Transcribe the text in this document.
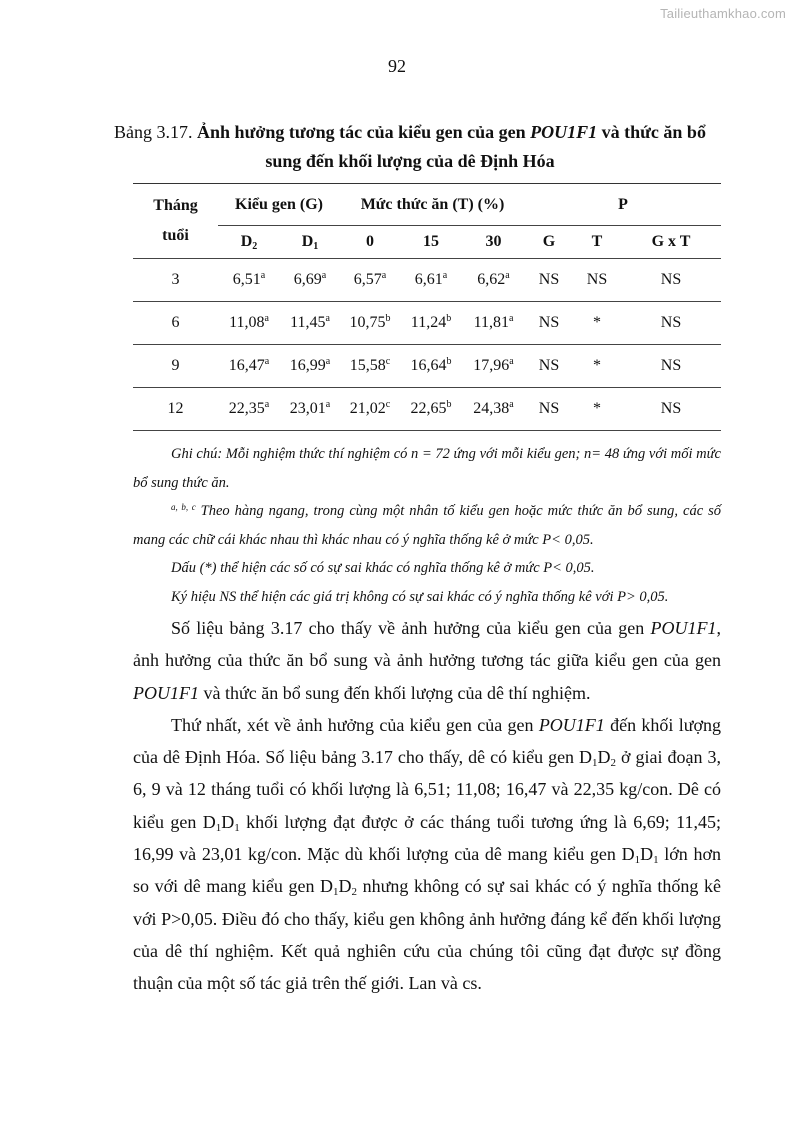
Tailieuthamkhao.com
92
Bảng 3.17. Ảnh hưởng tương tác của kiểu gen của gen POU1F1 và thức ăn bổ sung đến khối lượng của dê Định Hóa
Tháng
tuổi	Kiểu gen (G)		Mức thức ăn (T) (%)			P		
	$D_2$	$D_1$	0	15	30	G	T	G x T
3	6,51$^a$	6,69$^a$	6,57$^a$	6,61$^a$	6,62$^a$	NS	NS	NS
6	11,08$^a$	11,45$^a$	10,75$^b$	11,24$^b$	11,81$^a$	NS	*	NS
9	16,47$^a$	16,99$^a$	15,58$^c$	16,64$^b$	17,96$^a$	NS	*	NS
12	22,35$^a$	23,01$^a$	21,02$^c$	22,65$^b$	24,38$^a$	NS	*	NS

Ghi chú: Mỗi nghiệm thức thí nghiệm có n = 72 ứng với mỗi kiểu gen; n= 48 ứng với mối mức bổ sung thức ăn.

$^{a, b, c}$ Theo hàng ngang, trong cùng một nhân tố kiểu gen hoặc mức thức ăn bổ sung, các số mang các chữ cái khác nhau thì khác nhau có ý nghĩa thống kê ở mức P< 0,05.

Dấu (*) thể hiện các số có sự sai khác có nghĩa thống kê ở mức P< 0,05.

Ký hiệu NS thể hiện các giá trị không có sự sai khác có ý nghĩa thống kê với P> 0,05.

Số liệu bảng 3.17 cho thấy về ảnh hưởng của kiểu gen của gen POU1F1, ảnh hưởng của thức ăn bổ sung và ảnh hưởng tương tác giữa kiểu gen của gen POU1F1 và thức ăn bổ sung đến khối lượng của dê thí nghiệm.

Thứ nhất, xét về ảnh hưởng của kiểu gen của gen POU1F1 đến khối lượng của dê Định Hóa. Số liệu bảng 3.17 cho thấy, dê có kiểu gen $D_1D_2$ ở giai đoạn 3, 6, 9 và 12 tháng tuổi có khối lượng là 6,51; 11,08; 16,47 và 22,35 kg/con. Dê có kiểu gen $D_1D_1$ khối lượng đạt được ở các tháng tuổi tương ứng là 6,69; 11,45; 16,99 và 23,01 kg/con. Mặc dù khối lượng của dê mang kiểu gen $D_1D_1$ lớn hơn so với dê mang kiểu gen $D_1D_2$ nhưng không có sự sai khác có ý nghĩa thống kê với P>0,05. Điều đó cho thấy, kiểu gen không ảnh hưởng đáng kể đến khối lượng của dê thí nghiệm. Kết quả nghiên cứu của chúng tôi cũng đạt được sự đồng thuận của một số tác giả trên thế giới. Lan và cs.
